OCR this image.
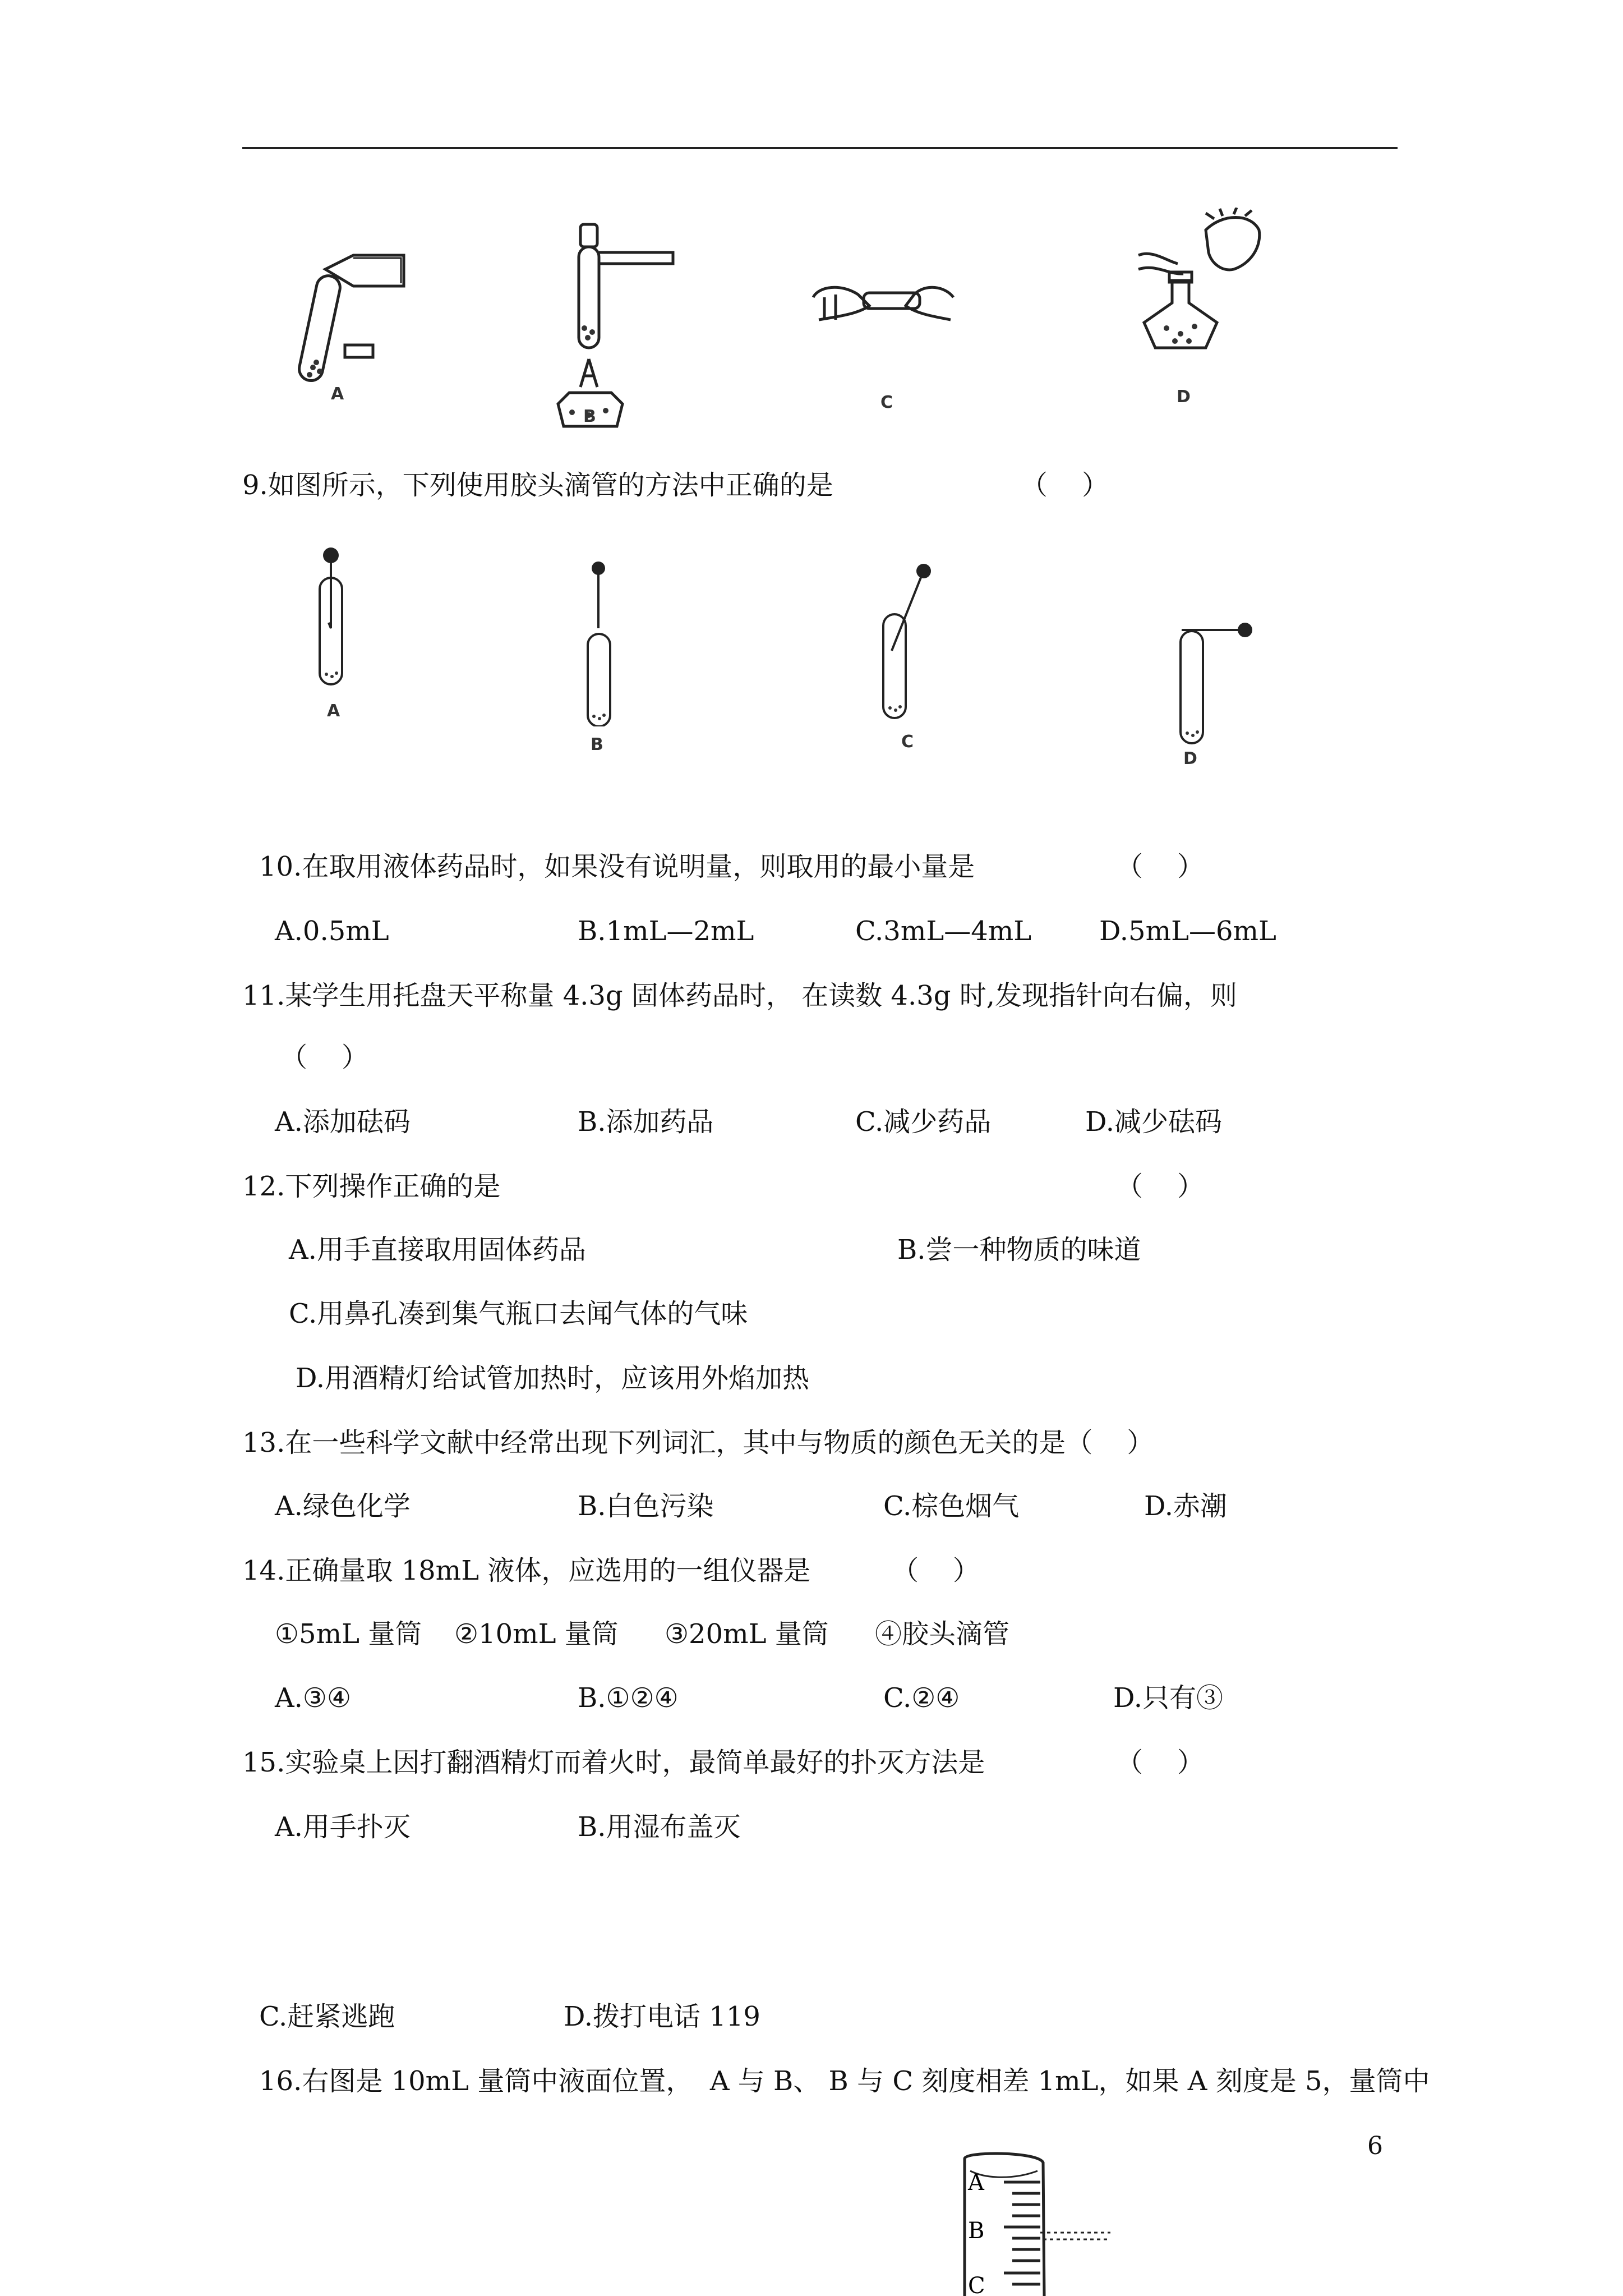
A
B
C	D
9.如图所示，下列使用胶头滴管的方法中正确的是	（    ）
A
B	C
D
10.在取用液体药品时，如果没有说明量，则取用的最小量是	（    ）
A.0.5mL	B.1mL—2mL	C.3mL—4mL	D.5mL—6mL
11.某学生用托盘天平称量 4.3g 固体药品时， 在读数 4.3g 时,发现指针向右偏，则
（    ）
A.添加砝码	B.添加药品	C.减少药品	D.减少砝码
12.下列操作正确的是	（    ）
A.用手直接取用固体药品	B.尝一种物质的味道
C.用鼻孔凑到集气瓶口去闻气体的气味
D.用酒精灯给试管加热时，应该用外焰加热
13.在一些科学文献中经常出现下列词汇，其中与物质的颜色无关的是（    ）
A.绿色化学	B.白色污染	C.棕色烟气	D.赤潮
14.正确量取 18mL 液体，应选用的一组仪器是	（    ）
①5mL 量筒 ②10mL 量筒 ③20mL 量筒 ④胶头滴管
A.③④	B.①②④	C.②④	D.只有③
15.实验桌上因打翻酒精灯而着火时，最简单最好的扑灭方法是	（    ）
A.用手扑灭	B.用湿布盖灭
C.赶紧逃跑	D.拨打电话 119
16.右图是 10mL 量筒中液面位置，  A 与 B、 B 与 C 刻度相差 1mL，如果 A 刻度是 5，量筒中
6
A
B
C
